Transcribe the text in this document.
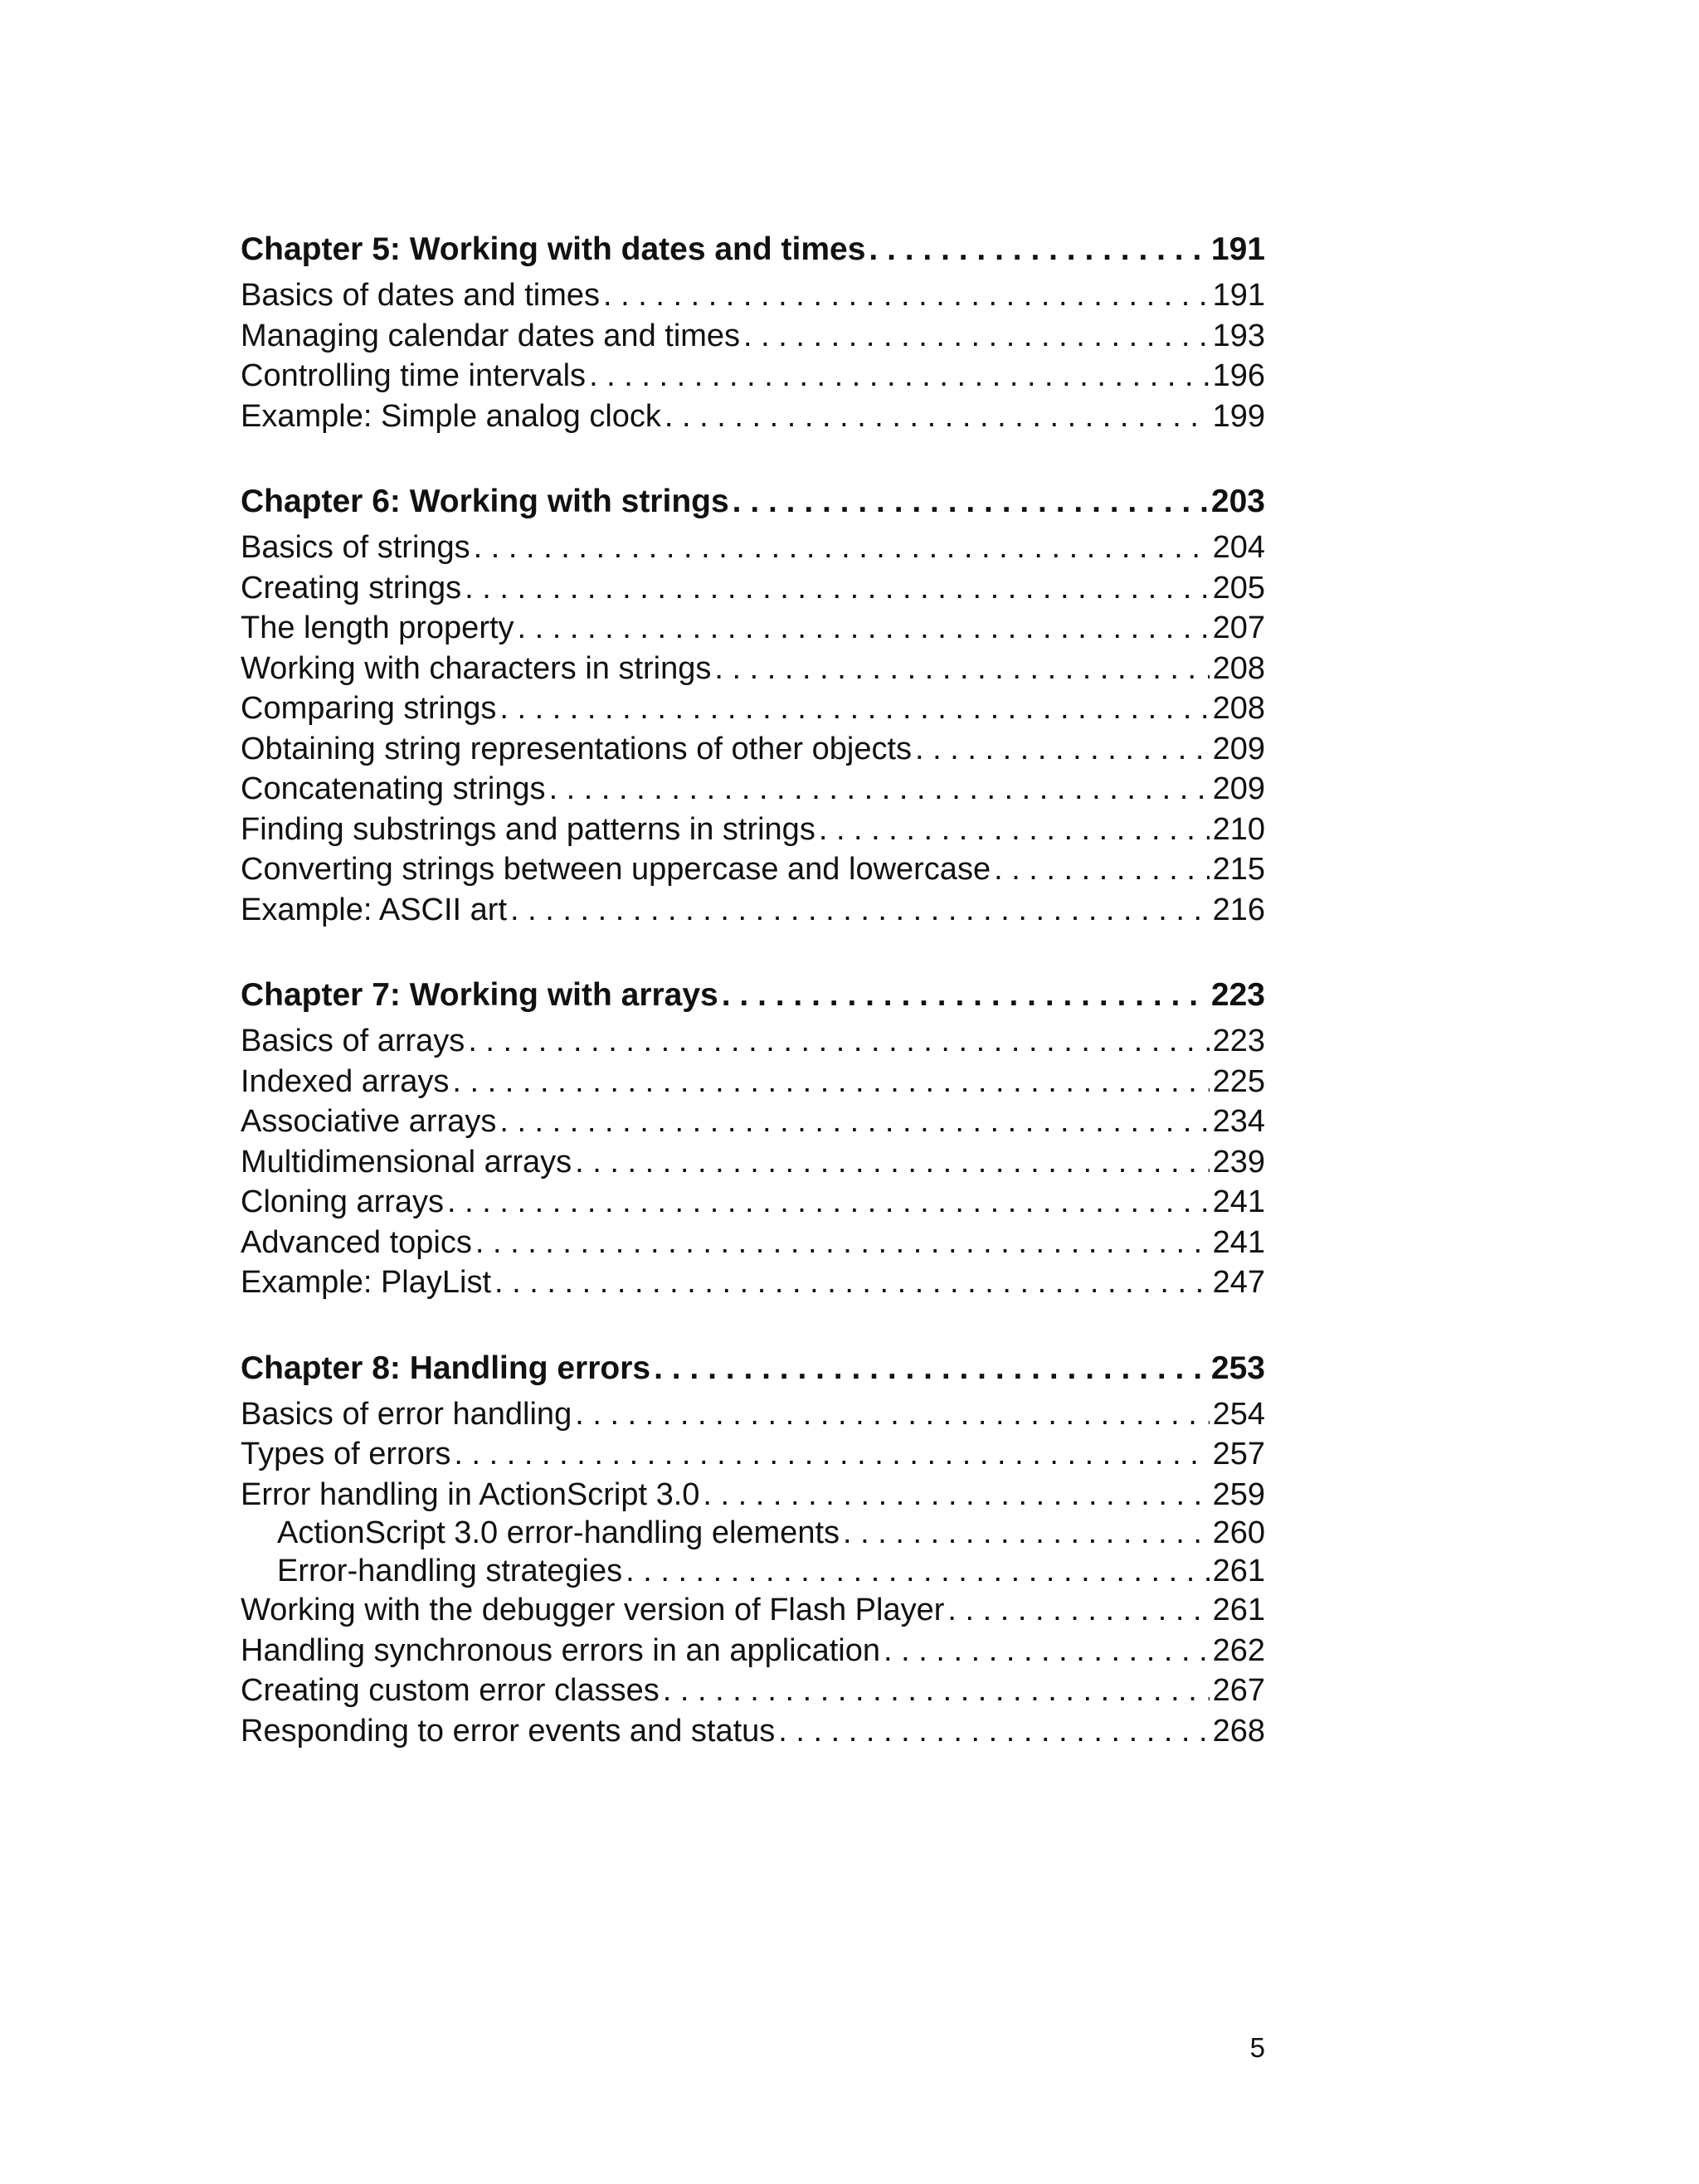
Chapter 5: Working with dates and times . . .	191
Basics of dates and times . . .	191
Managing calendar dates and times . . .	193
Controlling time intervals . . .	196
Example: Simple analog clock . . .	199
Chapter 6: Working with strings . . .	203
Basics of strings . . .	204
Creating strings . . .	205
The length property . . .	207
Working with characters in strings . . .	208
Comparing strings . . .	208
Obtaining string representations of other objects . . .	209
Concatenating strings . . .	209
Finding substrings and patterns in strings . . .	210
Converting strings between uppercase and lowercase . . .	215
Example: ASCII art . . .	216
Chapter 7: Working with arrays . . .	223
Basics of arrays . . .	223
Indexed arrays . . .	225
Associative arrays . . .	234
Multidimensional arrays . . .	239
Cloning arrays . . .	241
Advanced topics . . .	241
Example: PlayList . . .	247
Chapter 8: Handling errors . . .	253
Basics of error handling . . .	254
Types of errors . . .	257
Error handling in ActionScript 3.0 . . .	259
ActionScript 3.0 error-handling elements . . .	260
Error-handling strategies . . .	261
Working with the debugger version of Flash Player . . .	261
Handling synchronous errors in an application . . .	262
Creating custom error classes . . .	267
Responding to error events and status . . .	268
5
